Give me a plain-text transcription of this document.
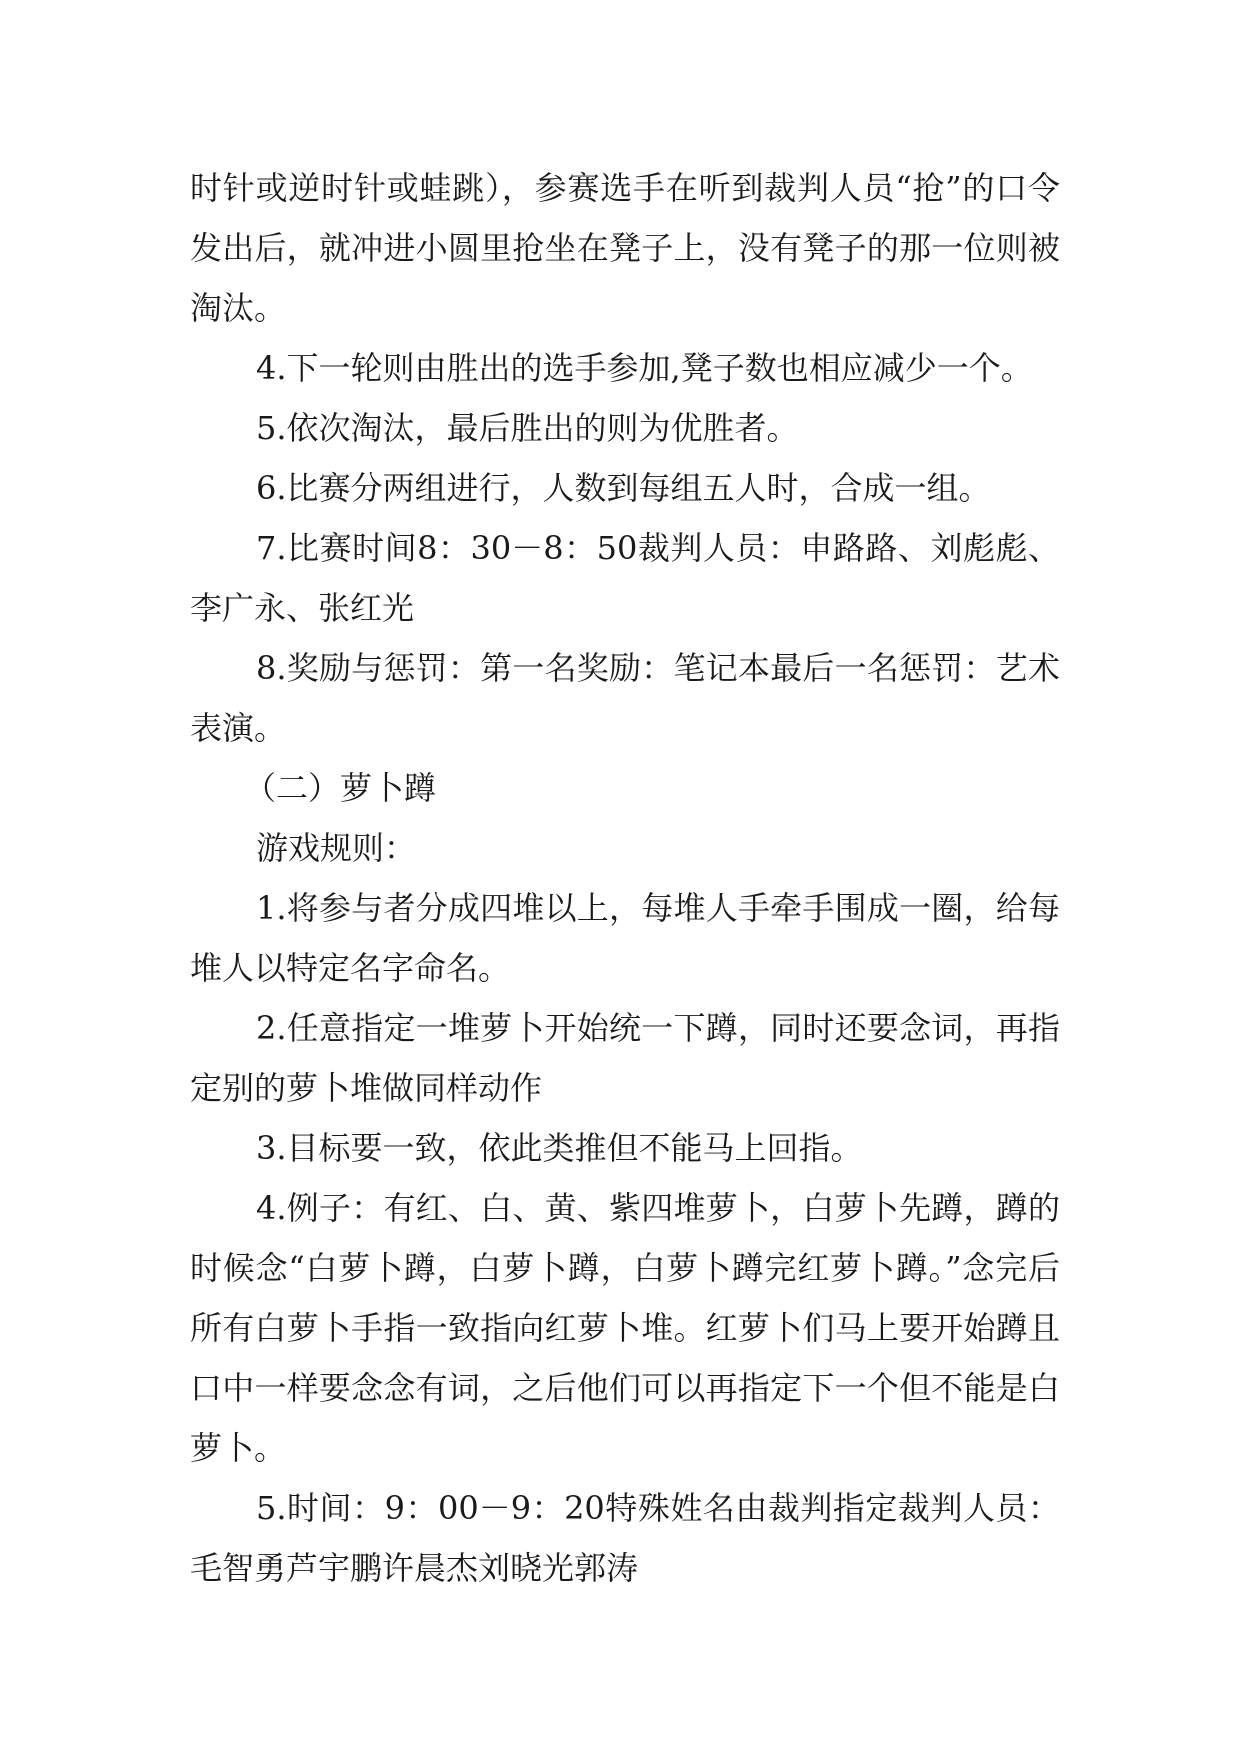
时针或逆时针或蛙跳），参赛选手在听到裁判人员“抢”的口令发出后，就冲进小圆里抢坐在凳子上，没有凳子的那一位则被淘汰。

4.下一轮则由胜出的选手参加,凳子数也相应减少一个。

5.依次淘汰，最后胜出的则为优胜者。

6.比赛分两组进行，人数到每组五人时，合成一组。

7.比赛时间8：30－8：50裁判人员：申路路、刘彪彪、李广永、张红光

8.奖励与惩罚：第一名奖励：笔记本最后一名惩罚：艺术表演。

（二）萝卜蹲

游戏规则：

1.将参与者分成四堆以上，每堆人手牵手围成一圈，给每堆人以特定名字命名。

2.任意指定一堆萝卜开始统一下蹲，同时还要念词，再指定别的萝卜堆做同样动作

3.目标要一致，依此类推但不能马上回指。

4.例子：有红、白、黄、紫四堆萝卜，白萝卜先蹲，蹲的时候念“白萝卜蹲，白萝卜蹲，白萝卜蹲完红萝卜蹲。”念完后所有白萝卜手指一致指向红萝卜堆。红萝卜们马上要开始蹲且口中一样要念念有词，之后他们可以再指定下一个但不能是白萝卜。

5.时间：9：00－9：20特殊姓名由裁判指定裁判人员：毛智勇芦宇鹏许晨杰刘晓光郭涛
